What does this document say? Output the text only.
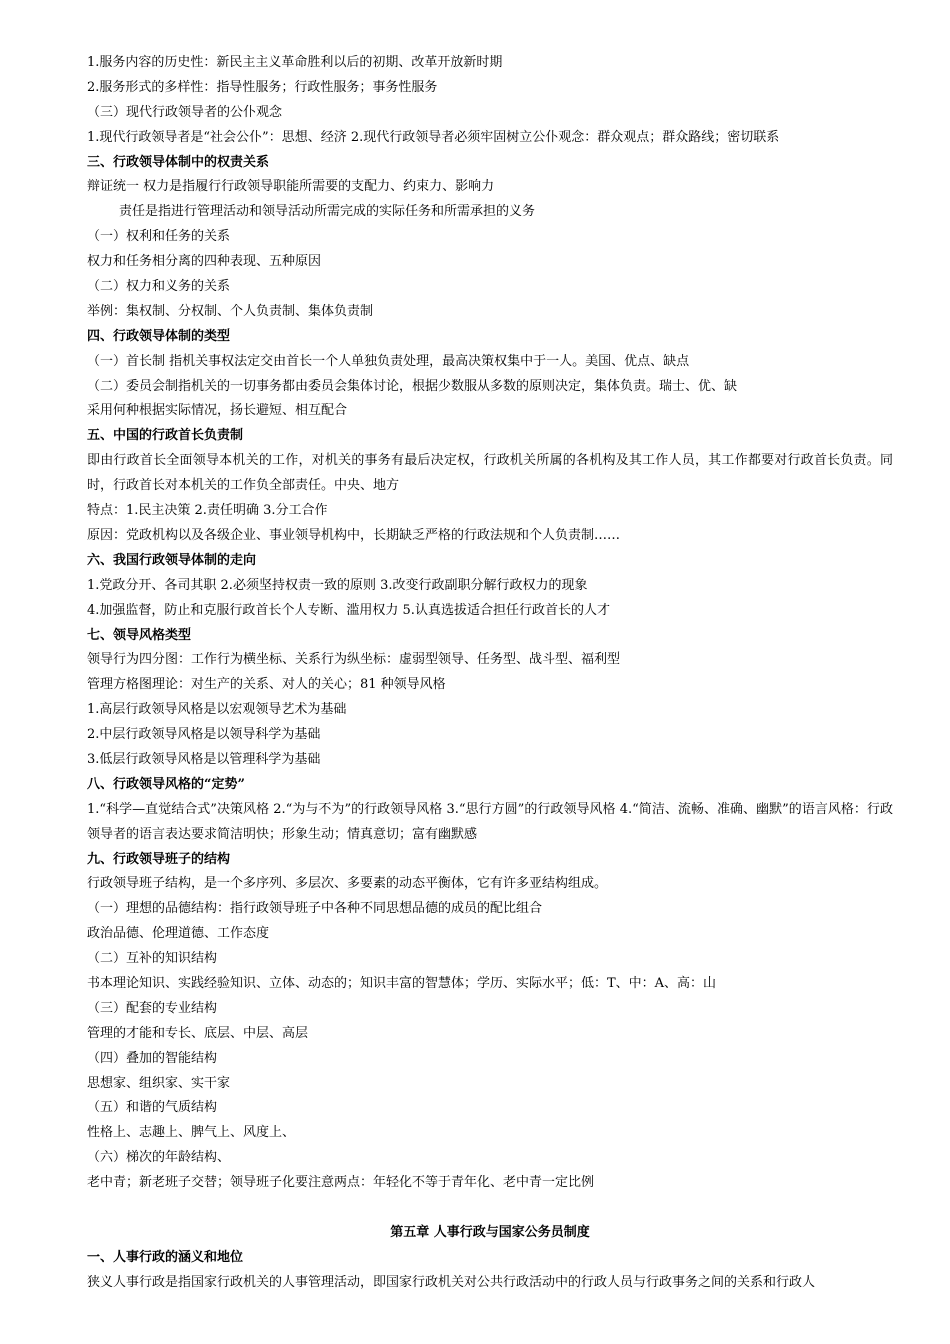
1.服务内容的历史性：新民主主义革命胜利以后的初期、改革开放新时期
2.服务形式的多样性：指导性服务；行政性服务；事务性服务
（三）现代行政领导者的公仆观念
1.现代行政领导者是“社会公仆”：思想、经济 2.现代行政领导者必须牢固树立公仆观念：群众观点；群众路线；密切联系
三、行政领导体制中的权责关系
辩证统一 权力是指履行行政领导职能所需要的支配力、约束力、影响力
责任是指进行管理活动和领导活动所需完成的实际任务和所需承担的义务
（一）权利和任务的关系
权力和任务相分离的四种表现、五种原因
（二）权力和义务的关系
举例：集权制、分权制、个人负责制、集体负责制
四、行政领导体制的类型
（一）首长制 指机关事权法定交由首长一个人单独负责处理，最高决策权集中于一人。美国、优点、缺点
（二）委员会制指机关的一切事务都由委员会集体讨论，根据少数服从多数的原则决定，集体负责。瑞士、优、缺
采用何种根据实际情况，扬长避短、相互配合
五、中国的行政首长负责制
即由行政首长全面领导本机关的工作，对机关的事务有最后决定权，行政机关所属的各机构及其工作人员，其工作都要对行政首长负责。同时，行政首长对本机关的工作负全部责任。中央、地方
特点：1.民主决策 2.责任明确 3.分工合作
原因：党政机构以及各级企业、事业领导机构中，长期缺乏严格的行政法规和个人负责制……
六、我国行政领导体制的走向
1.党政分开、各司其职 2.必须坚持权责一致的原则 3.改变行政副职分解行政权力的现象
4.加强监督，防止和克服行政首长个人专断、滥用权力 5.认真选拔适合担任行政首长的人才
七、领导风格类型
领导行为四分图：工作行为横坐标、关系行为纵坐标：虚弱型领导、任务型、战斗型、福利型
管理方格图理论：对生产的关系、对人的关心；81 种领导风格
1.高层行政领导风格是以宏观领导艺术为基础
2.中层行政领导风格是以领导科学为基础
3.低层行政领导风格是以管理科学为基础
八、行政领导风格的“定势”
1.“科学—直觉结合式”决策风格 2.“为与不为”的行政领导风格 3.“思行方圆”的行政领导风格 4.“简洁、流畅、准确、幽默”的语言风格：行政领导者的语言表达要求简洁明快；形象生动；情真意切；富有幽默感
九、行政领导班子的结构
行政领导班子结构，是一个多序列、多层次、多要素的动态平衡体，它有许多亚结构组成。
（一）理想的品德结构：指行政领导班子中各种不同思想品德的成员的配比组合
政治品德、伦理道德、工作态度
（二）互补的知识结构
书本理论知识、实践经验知识、立体、动态的；知识丰富的智慧体；学历、实际水平；低：T、中：A、高：山
（三）配套的专业结构
管理的才能和专长、底层、中层、高层
（四）叠加的智能结构
思想家、组织家、实干家
（五）和谐的气质结构
性格上、志趣上、脾气上、风度上、
（六）梯次的年龄结构、
老中青；新老班子交替；领导班子化要注意两点：年轻化不等于青年化、老中青一定比例
第五章 人事行政与国家公务员制度
一、人事行政的涵义和地位
狭义人事行政是指国家行政机关的人事管理活动，即国家行政机关对公共行政活动中的行政人员与行政事务之间的关系和行政人
